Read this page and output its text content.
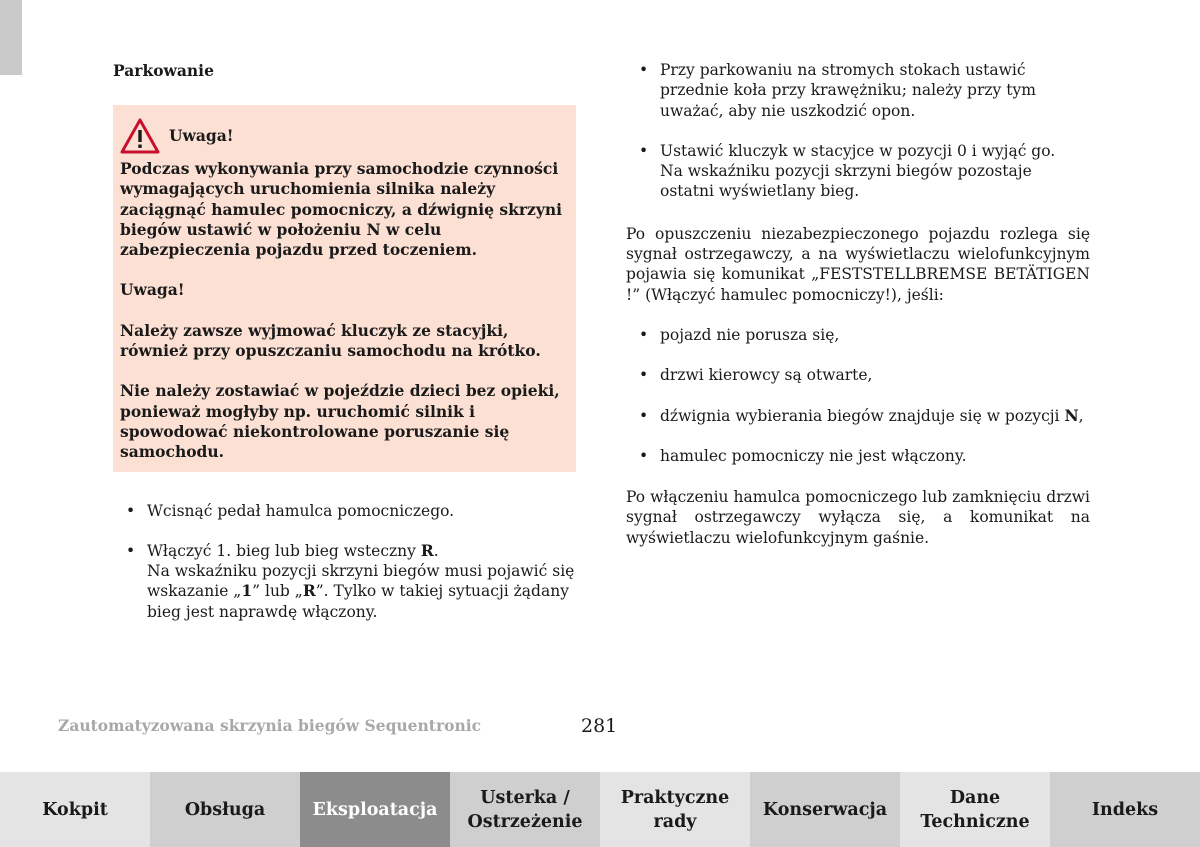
Parkowanie
Uwaga!

Podczas wykonywania przy samochodzie czynności wymagających uruchomienia silnika należy zaciągnąć hamulec pomocniczy, a dźwignię skrzyni biegów ustawić w położeniu N w celu zabezpieczenia pojazdu przed toczeniem.

Uwaga!

Należy zawsze wyjmować kluczyk ze stacyjki, również przy opuszczaniu samochodu na krótko.

Nie należy zostawiać w pojeździe dzieci bez opieki, ponieważ mogłyby np. uruchomić silnik i spowodować niekontrolowane poruszanie się samochodu.

• Wcisnąć pedał hamulca pomocniczego.
• Włączyć 1. bieg lub bieg wsteczny R.
Na wskaźniku pozycji skrzyni biegów musi pojawić się wskazanie „1” lub „R”. Tylko w takiej sytuacji żądany bieg jest naprawdę włączony.
• Przy parkowaniu na stromych stokach ustawić przednie koła przy krawężniku; należy przy tym uważać, aby nie uszkodzić opon.
• Ustawić kluczyk w stacyjce w pozycji 0 i wyjąć go.
Na wskaźniku pozycji skrzyni biegów pozostaje ostatni wyświetlany bieg.

Po opuszczeniu niezabezpieczonego pojazdu rozlega się sygnał ostrzegawczy, a na wyświetlaczu wielofunkcyjnym pojawia się komunikat „FESTSTELLBREMSE BETÄTIGEN !” (Włączyć hamulec pomocniczy!), jeśli:

• pojazd nie porusza się,
• drzwi kierowcy są otwarte,
• dźwignia wybierania biegów znajduje się w pozycji N,
• hamulec pomocniczy nie jest włączony.

Po włączeniu hamulca pomocniczego lub zamknięciu drzwi sygnał ostrzegawczy wyłącza się, a komunikat na wyświetlaczu wielofunkcyjnym gaśnie.

Zautomatyzowana skrzynia biegów Sequentronic	281
Kokpit	Obsługa	Eksploatacja
Usterka / Ostrzeżenie
Praktyczne rady
Konserwacja
Dane Techniczne
Indeks
